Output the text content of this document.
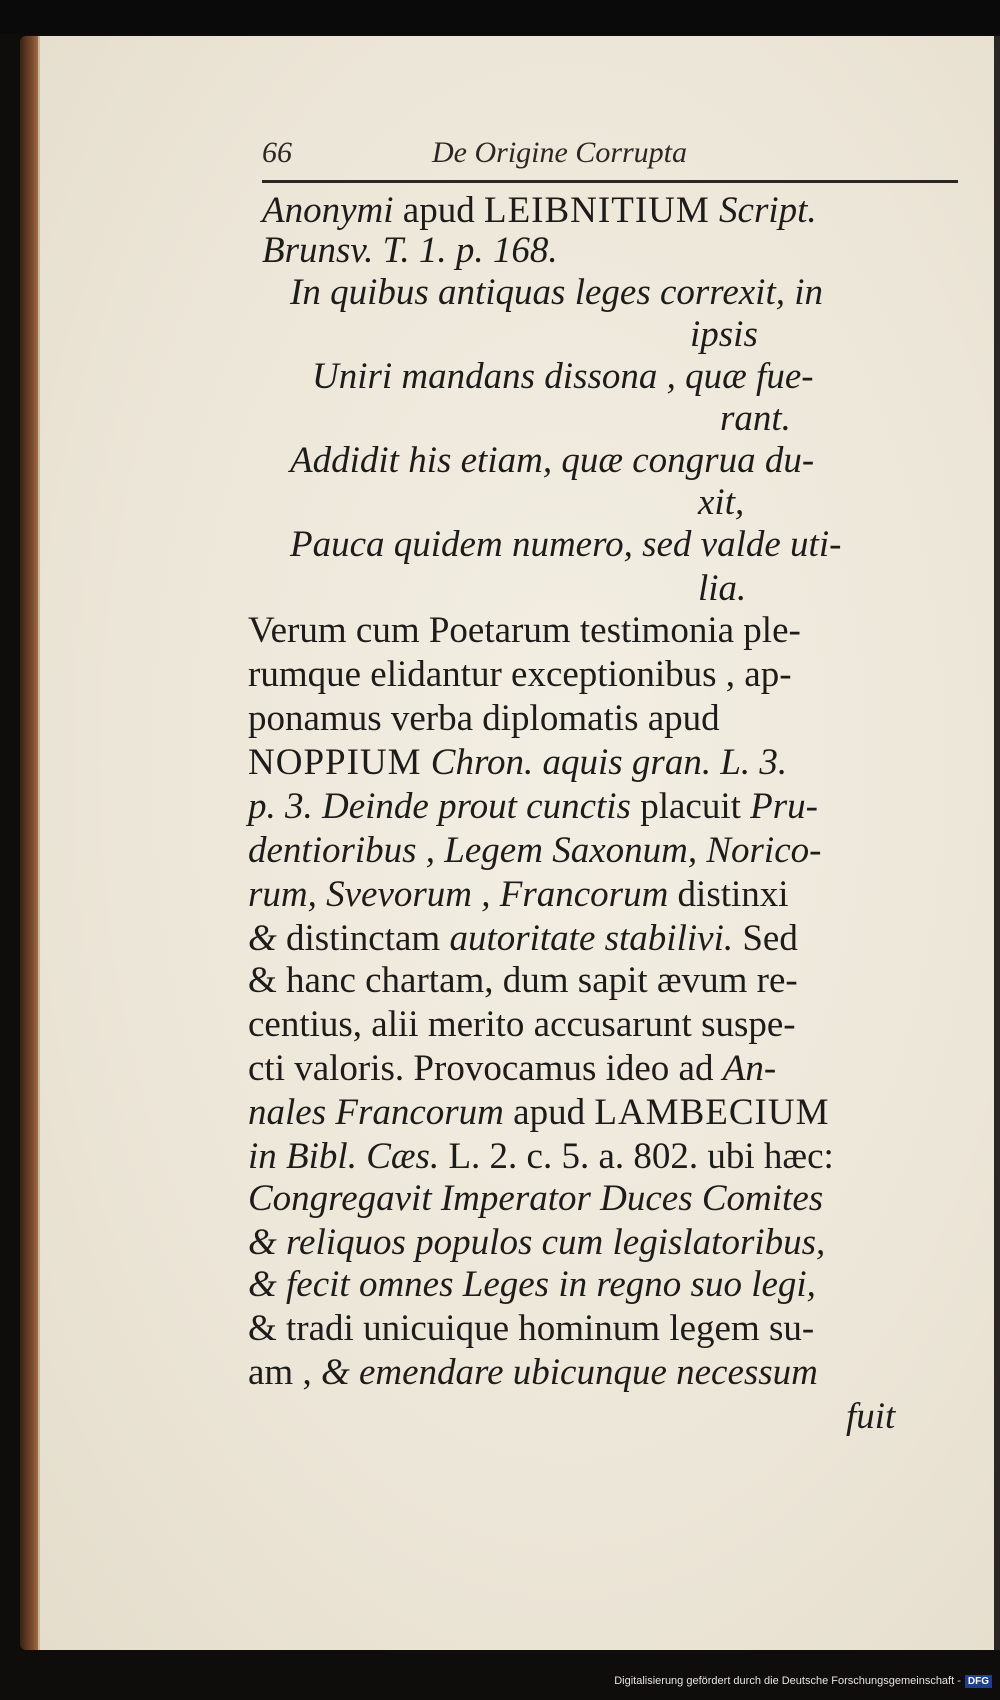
66	De Origine Corrupta
Anonymi apud LEIBNITIUM Script.
Brunsv. T. 1. p. 168.
In quibus antiquas leges correxit, in
ipsis
Uniri mandans dissona , quæ fue-
rant.
Addidit his etiam, quæ congrua du-
xit,
Pauca quidem numero, sed valde uti-
lia.
Verum cum Poetarum testimonia ple-
rumque elidantur exceptionibus , ap-
ponamus verba diplomatis apud
NOPPIUM Chron. aquis gran. L. 3.
p. 3. Deinde prout cunctis placuit Pru-
dentioribus , Legem Saxonum, Norico-
rum, Svevorum , Francorum distinxi
& distinctam autoritate stabilivi. Sed
& hanc chartam, dum sapit ævum re-
centius, alii merito accusarunt suspe-
cti valoris. Provocamus ideo ad An-
nales Francorum apud LAMBECIUM
in Bibl. Cæs. L. 2. c. 5. a. 802. ubi hæc:
Congregavit Imperator Duces Comites
& reliquos populos cum legislatoribus,
& fecit omnes Leges in regno suo legi,
& tradi unicuique hominum legem su-
am , & emendare ubicunque necessum
fuit
Digitalisierung gefördert durch die Deutsche Forschungsgemeinschaft - DFG
